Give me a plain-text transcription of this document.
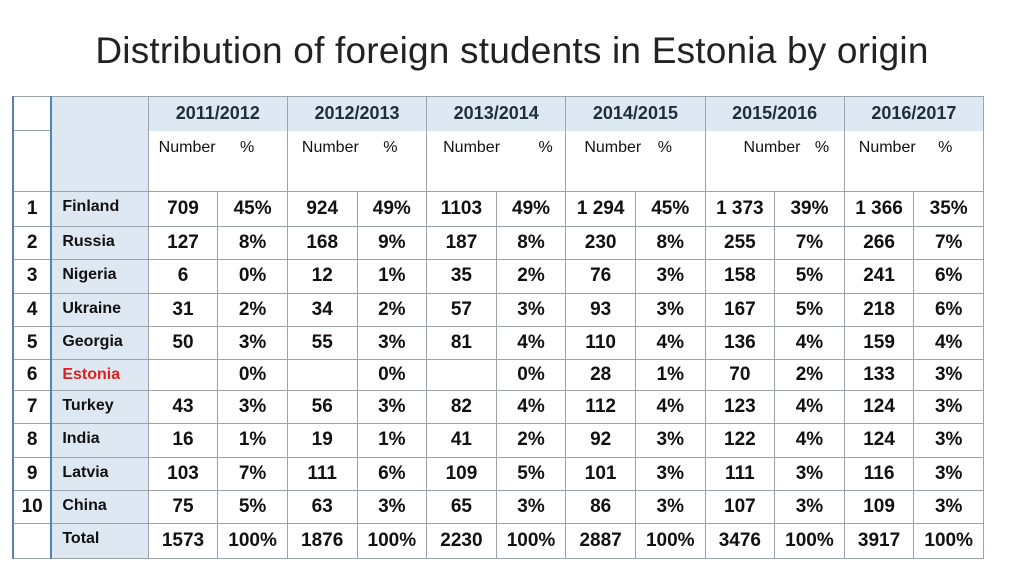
Distribution of foreign students in Estonia by origin
		2011/2012		2012/2013		2013/2014		2014/2015		2015/2016		2016/2017	
		Number %		Number %		Number %		Number %		Number %		Number %	
1	Finland	709	45%	924	49%	1103	49%	1 294	45%	1 373	39%	1 366	35%
2	Russia	127	8%	168	9%	187	8%	230	8%	255	7%	266	7%
3	Nigeria	6	0%	12	1%	35	2%	76	3%	158	5%	241	6%
4	Ukraine	31	2%	34	2%	57	3%	93	3%	167	5%	218	6%
5	Georgia	50	3%	55	3%	81	4%	110	4%	136	4%	159	4%
6	Estonia		0%		0%		0%	28	1%	70	2%	133	3%
7	Turkey	43	3%	56	3%	82	4%	112	4%	123	4%	124	3%
8	India	16	1%	19	1%	41	2%	92	3%	122	4%	124	3%
9	Latvia	103	7%	111	6%	109	5%	101	3%	111	3%	116	3%
10	China	75	5%	63	3%	65	3%	86	3%	107	3%	109	3%
	Total	1573	100%	1876	100%	2230	100%	2887	100%	3476	100%	3917	100%
